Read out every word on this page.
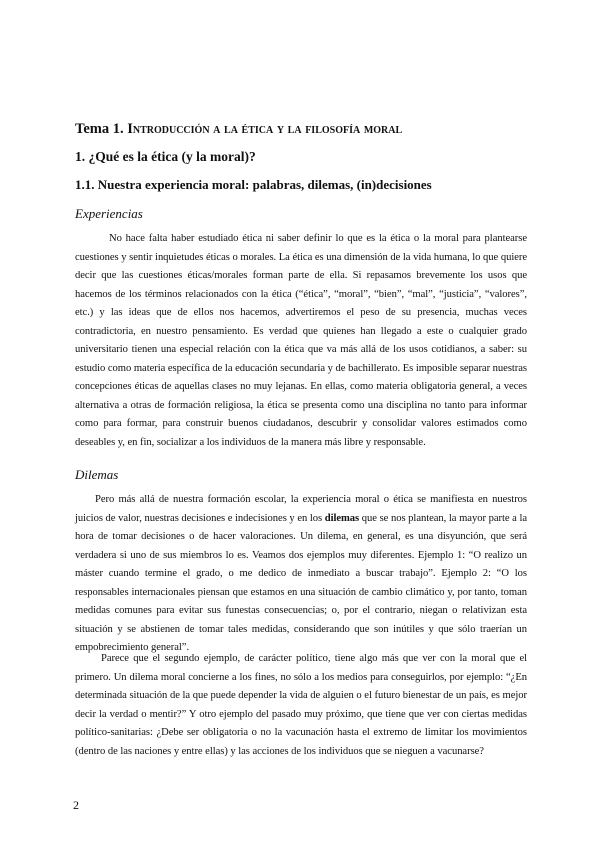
Tema 1. Introducción a la ética y la filosofía moral
1. ¿Qué es la ética (y la moral)?
1.1. Nuestra experiencia moral: palabras, dilemas, (in)decisiones
Experiencias

No hace falta haber estudiado ética ni saber definir lo que es la ética o la moral para plantearse cuestiones y sentir inquietudes éticas o morales. La ética es una dimensión de la vida humana, lo que quiere decir que las cuestiones éticas/morales forman parte de ella. Si repasamos brevemente los usos que hacemos de los términos relacionados con la ética (“ética”, “moral”, “bien”, “mal”, “justicia”, “valores”, etc.) y las ideas que de ellos nos hacemos, advertiremos el peso de su presencia, muchas veces contradictoria, en nuestro pensamiento. Es verdad que quienes han llegado a este o cualquier grado universitario tienen una especial relación con la ética que va más allá de los usos cotidianos, a saber: su estudio como materia específica de la educación secundaria y de bachillerato. Es imposible separar nuestras concepciones éticas de aquellas clases no muy lejanas. En ellas, como materia obligatoria general, a veces alternativa a otras de formación religiosa, la ética se presenta como una disciplina no tanto para informar como para formar, para construir buenos ciudadanos, descubrir y consolidar valores estimados como deseables y, en fin, socializar a los individuos de la manera más libre y responsable.

Dilemas

Pero más allá de nuestra formación escolar, la experiencia moral o ética se manifiesta en nuestros juicios de valor, nuestras decisiones e indecisiones y en los dilemas que se nos plantean, la mayor parte a la hora de tomar decisiones o de hacer valoraciones. Un dilema, en general, es una disyunción, que será verdadera si uno de sus miembros lo es. Veamos dos ejemplos muy diferentes. Ejemplo 1: “O realizo un máster cuando termine el grado, o me dedico de inmediato a buscar trabajo”. Ejemplo 2: “O los responsables internacionales piensan que estamos en una situación de cambio climático y, por tanto, toman medidas comunes para evitar sus funestas consecuencias; o, por el contrario, niegan o relativizan esta situación y se abstienen de tomar tales medidas, considerando que son inútiles y que sólo traerían un empobrecimiento general”.

Parece que el segundo ejemplo, de carácter político, tiene algo más que ver con la moral que el primero. Un dilema moral concierne a los fines, no sólo a los medios para conseguirlos, por ejemplo: “¿En determinada situación de la que puede depender la vida de alguien o el futuro bienestar de un país, es mejor decir la verdad o mentir?” Y otro ejemplo del pasado muy próximo, que tiene que ver con ciertas medidas político-sanitarias: ¿Debe ser obligatoria o no la vacunación hasta el extremo de limitar los movimientos (dentro de las naciones y entre ellas) y las acciones de los individuos que se nieguen a vacunarse?

2
